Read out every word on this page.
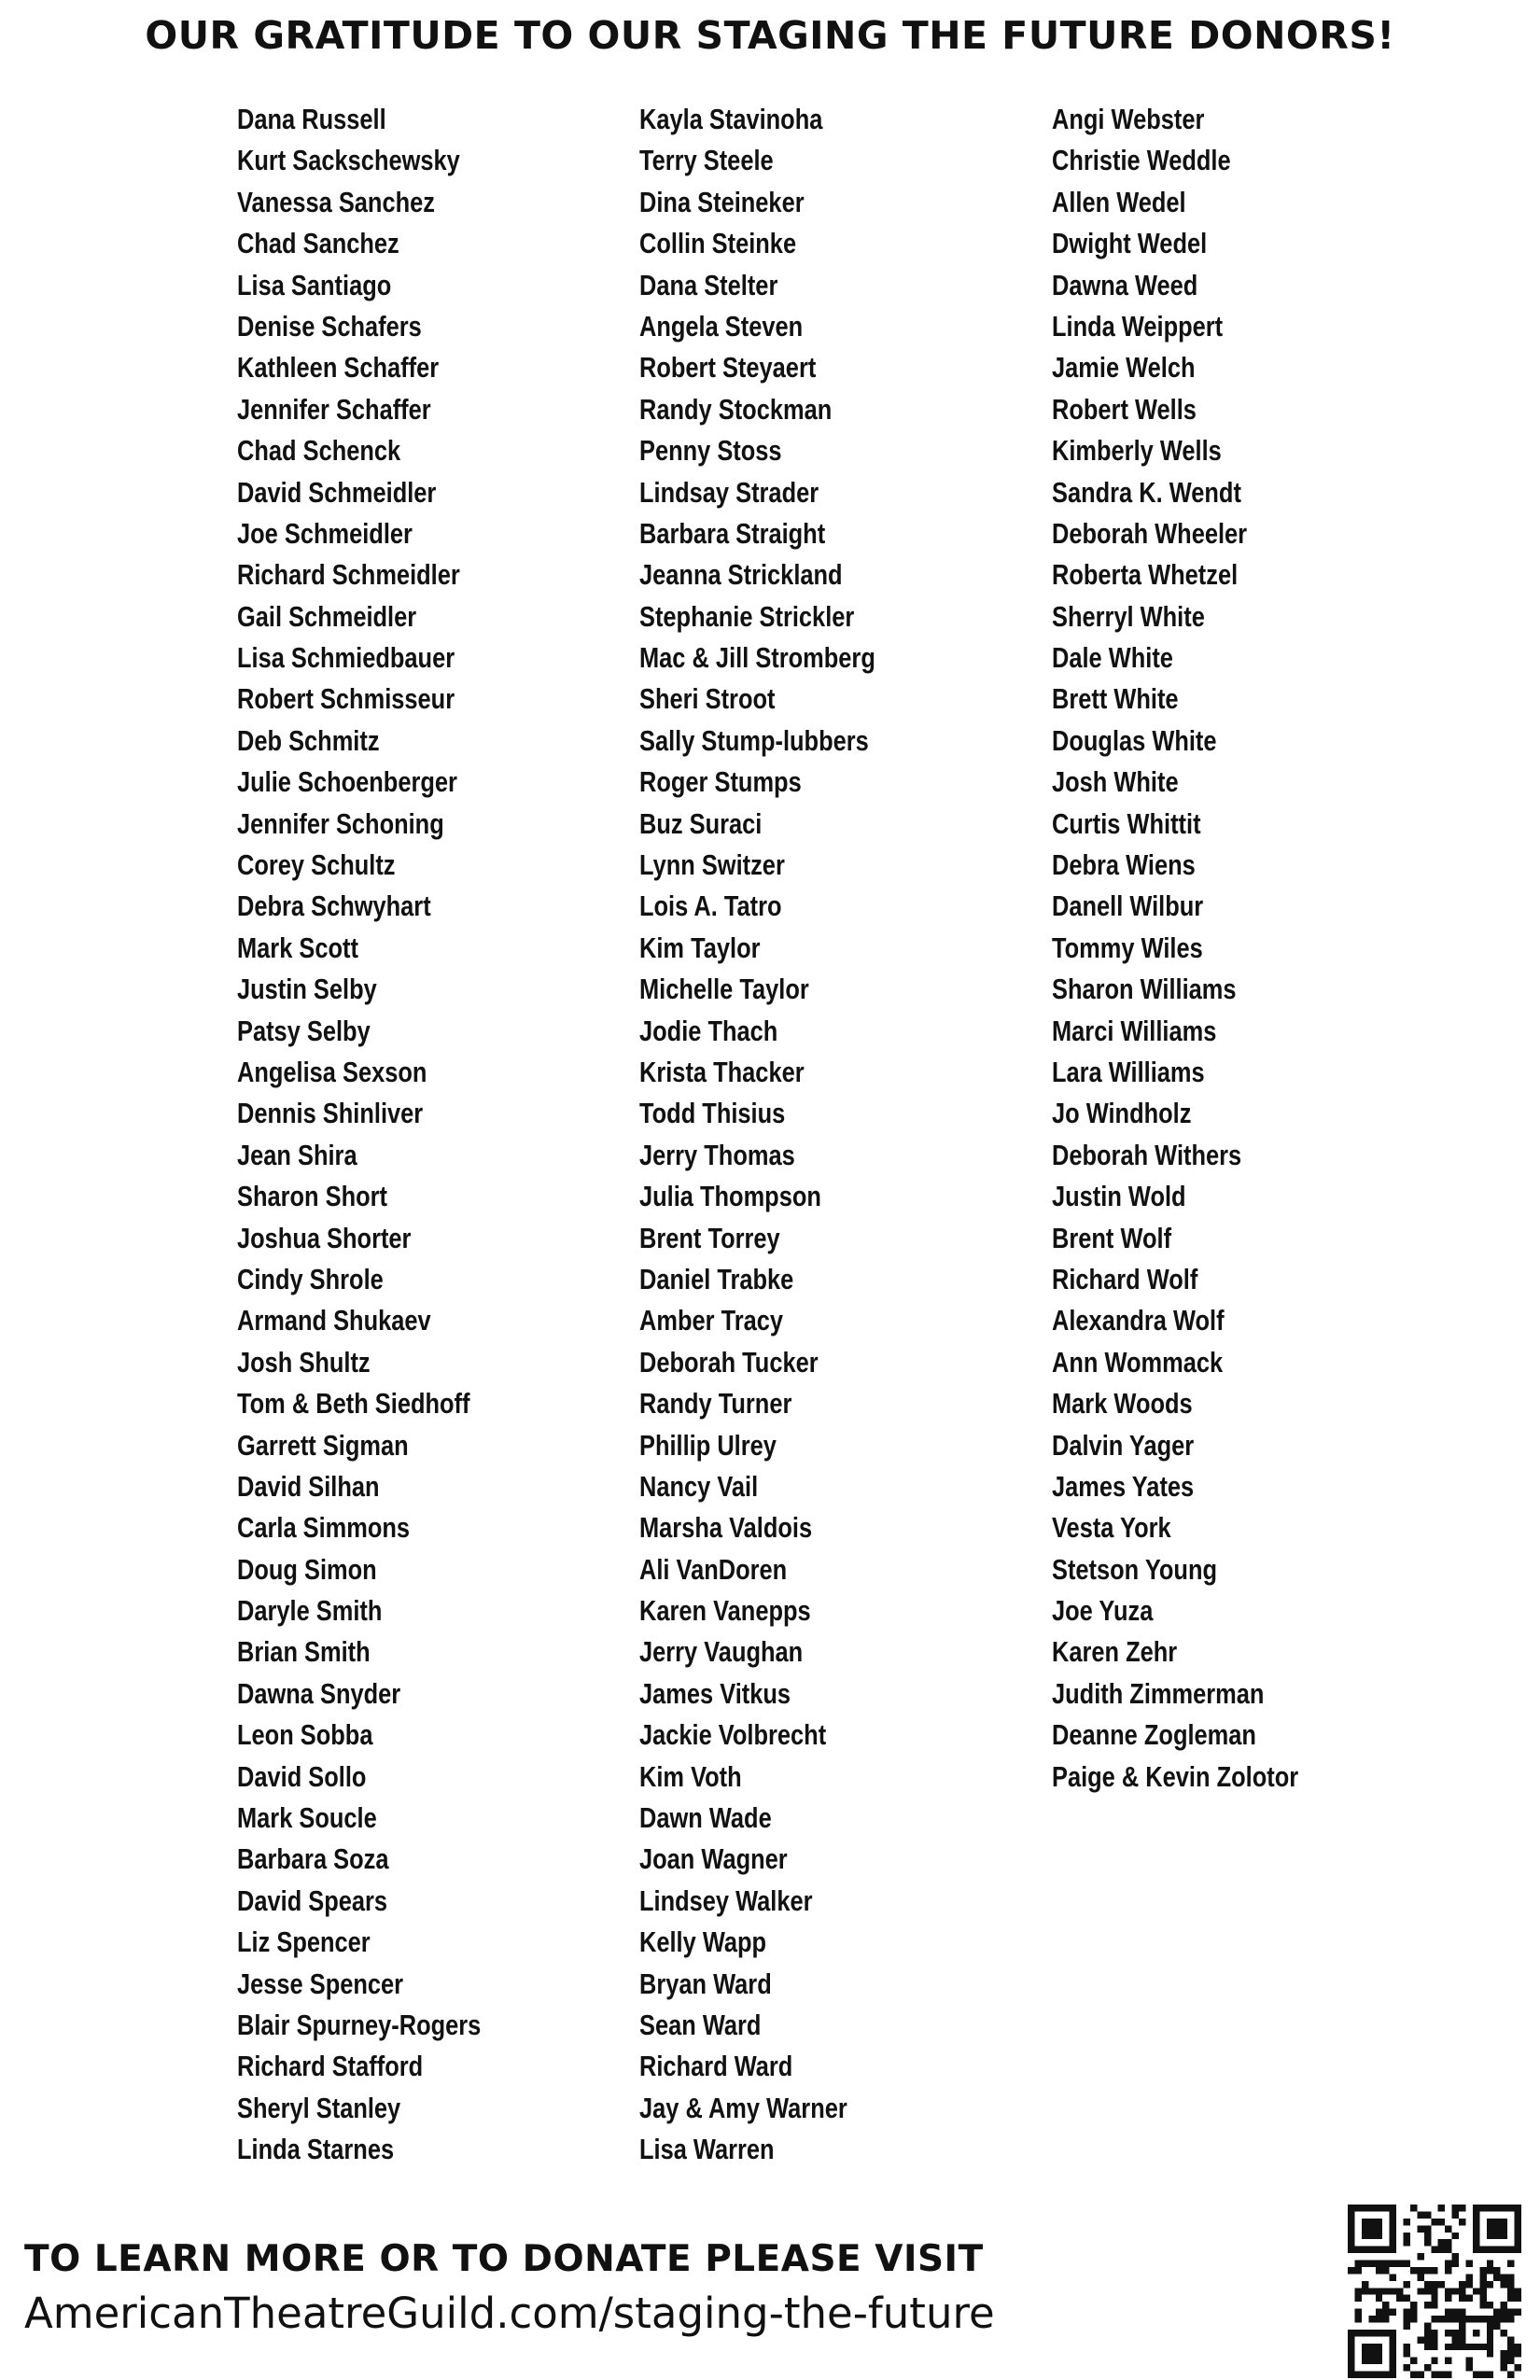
OUR GRATITUDE TO OUR STAGING THE FUTURE DONORS!
Dana Russell
Kurt Sackschewsky
Vanessa Sanchez
Chad Sanchez
Lisa Santiago
Denise Schafers
Kathleen Schaffer
Jennifer Schaffer
Chad Schenck
David Schmeidler
Joe Schmeidler
Richard Schmeidler
Gail Schmeidler
Lisa Schmiedbauer
Robert Schmisseur
Deb Schmitz
Julie Schoenberger
Jennifer Schoning
Corey Schultz
Debra Schwyhart
Mark Scott
Justin Selby
Patsy Selby
Angelisa Sexson
Dennis Shinliver
Jean Shira
Sharon Short
Joshua Shorter
Cindy Shrole
Armand Shukaev
Josh Shultz
Tom & Beth Siedhoff
Garrett Sigman
David Silhan
Carla Simmons
Doug Simon
Daryle Smith
Brian Smith
Dawna Snyder
Leon Sobba
David Sollo
Mark Soucle
Barbara Soza
David Spears
Liz Spencer
Jesse Spencer
Blair Spurney-Rogers
Richard Stafford
Sheryl Stanley
Linda Starnes
Kayla Stavinoha
Terry Steele
Dina Steineker
Collin Steinke
Dana Stelter
Angela Steven
Robert Steyaert
Randy Stockman
Penny Stoss
Lindsay Strader
Barbara Straight
Jeanna Strickland
Stephanie Strickler
Mac & Jill Stromberg
Sheri Stroot
Sally Stump-lubbers
Roger Stumps
Buz Suraci
Lynn Switzer
Lois A. Tatro
Kim Taylor
Michelle Taylor
Jodie Thach
Krista Thacker
Todd Thisius
Jerry Thomas
Julia Thompson
Brent Torrey
Daniel Trabke
Amber Tracy
Deborah Tucker
Randy Turner
Phillip Ulrey
Nancy Vail
Marsha Valdois
Ali VanDoren
Karen Vanepps
Jerry Vaughan
James Vitkus
Jackie Volbrecht
Kim Voth
Dawn Wade
Joan Wagner
Lindsey Walker
Kelly Wapp
Bryan Ward
Sean Ward
Richard Ward
Jay & Amy Warner
Lisa Warren
Angi Webster
Christie Weddle
Allen Wedel
Dwight Wedel
Dawna Weed
Linda Weippert
Jamie Welch
Robert Wells
Kimberly Wells
Sandra K. Wendt
Deborah Wheeler
Roberta Whetzel
Sherryl White
Dale White
Brett White
Douglas White
Josh White
Curtis Whittit
Debra Wiens
Danell Wilbur
Tommy Wiles
Sharon Williams
Marci Williams
Lara Williams
Jo Windholz
Deborah Withers
Justin Wold
Brent Wolf
Richard Wolf
Alexandra Wolf
Ann Wommack
Mark Woods
Dalvin Yager
James Yates
Vesta York
Stetson Young
Joe Yuza
Karen Zehr
Judith Zimmerman
Deanne Zogleman
Paige & Kevin Zolotor
TO LEARN MORE OR TO DONATE PLEASE VISIT
AmericanTheatreGuild.com/staging-the-future
